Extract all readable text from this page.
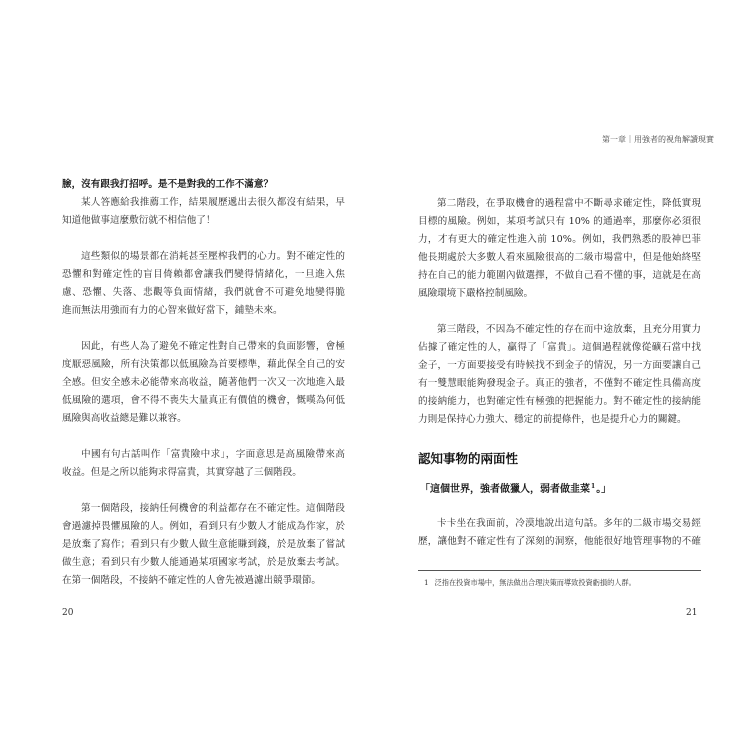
第一章｜用強者的視角解讀現實
臉，沒有跟我打招呼。是不是對我的工作不滿意？
某人答應給我推薦工作，結果履歷遞出去很久都沒有結果，早
知道他做事這麼敷衍就不相信他了！
這些類似的場景都在消耗甚至壓榨我們的心力。對不確定性的
恐懼和對確定性的盲目倚賴都會讓我們變得情緒化，一旦進入焦
慮、恐懼、失落、悲觀等負面情緒，我們就會不可避免地變得脆
進而無法用強而有力的心智來做好當下，鋪墊未來。
因此，有些人為了避免不確定性對自己帶來的負面影響，會極
度厭惡風險，所有決策都以低風險為首要標準，藉此保全自己的安
全感。但安全感未必能帶來高收益，隨著他們一次又一次地進入最
低風險的選項，會不得不喪失大量真正有價值的機會，慨嘆為何低
風險與高收益總是難以兼容。
中國有句古話叫作「富貴險中求」，字面意思是高風險帶來高
收益。但是之所以能夠求得富貴，其實穿越了三個階段。
第一個階段，接納任何機會的利益都存在不確定性。這個階段
會過濾掉畏懼風險的人。例如，看到只有少數人才能成為作家，於
是放棄了寫作；看到只有少數人做生意能賺到錢，於是放棄了嘗試
做生意；看到只有少數人能通過某項國家考試，於是放棄去考試。
在第一個階段，不接納不確定性的人會先被過濾出競爭環節。
20
第二階段，在爭取機會的過程當中不斷尋求確定性，降低實現
目標的風險。例如，某項考試只有 10% 的通過率，那麼你必須很
力，才有更大的確定性進入前 10%。例如，我們熟悉的股神巴菲
他長期處於大多數人看來風險很高的二級市場當中，但是他始終堅
持在自己的能力範圍內做選擇，不做自己看不懂的事，這就是在高
風險環境下嚴格控制風險。
第三階段，不因為不確定性的存在而中途放棄，且充分用實力
佔據了確定性的人，贏得了「富貴」。這個過程就像從礦石當中找
金子，一方面要接受有時候找不到金子的情況，另一方面要讓自己
有一雙慧眼能夠發現金子。真正的強者，不僅對不確定性具備高度
的接納能力，也對確定性有極強的把握能力。對不確定性的接納能
力則是保持心力強大、穩定的前提條件，也是提升心力的關鍵。
認知事物的兩面性
「這個世界，強者做獵人，弱者做韭菜$^1$。」
卡卡坐在我面前，冷漠地說出這句話。多年的二級市場交易經
歷，讓他對不確定性有了深刻的洞察，他能很好地管理事物的不確
1 泛指在投資市場中，無法做出合理決策而導致投資虧損的人群。
21
